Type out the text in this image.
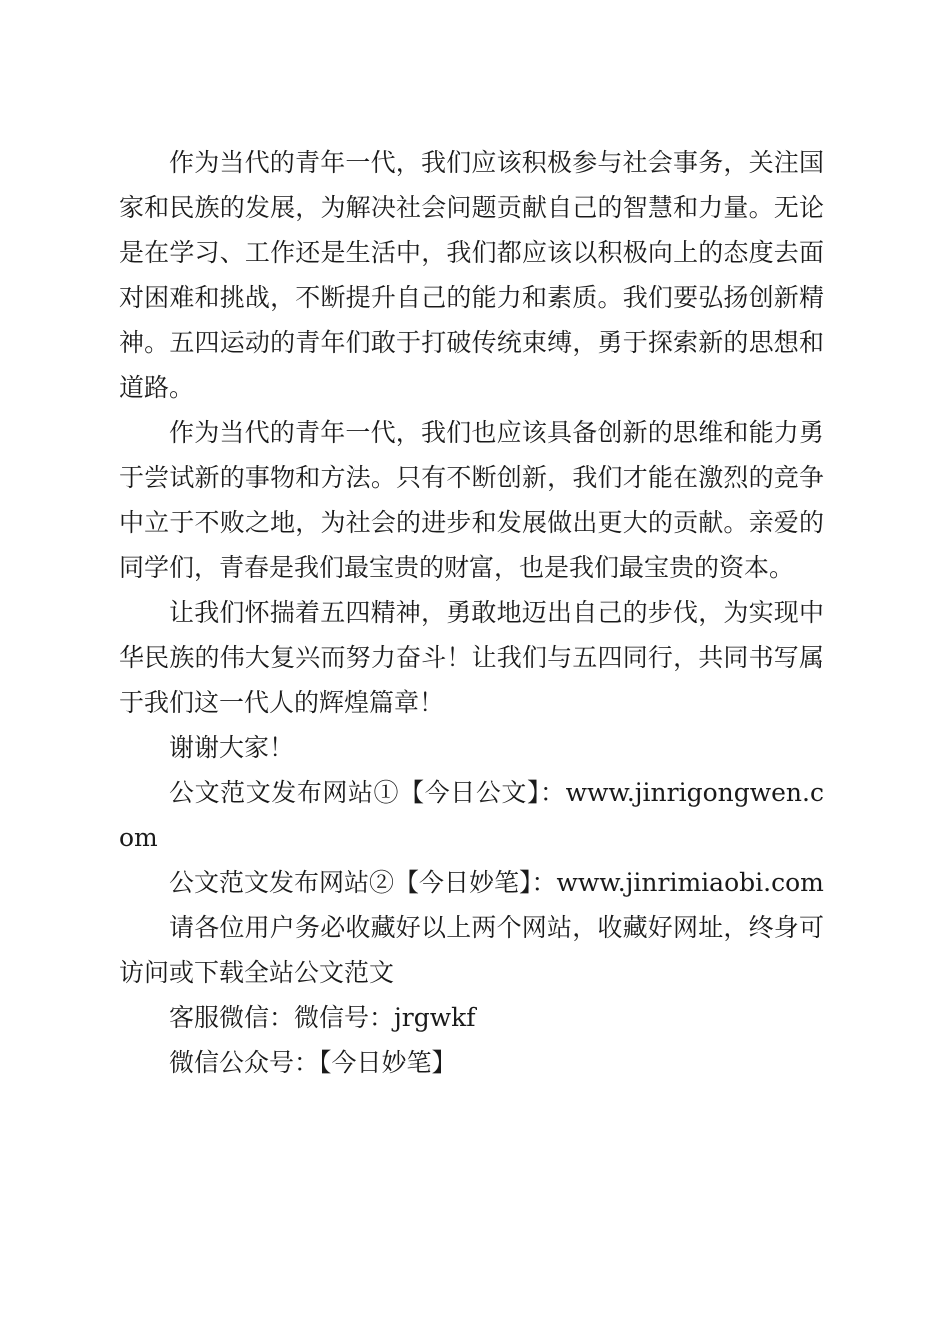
作为当代的青年一代，我们应该积极参与社会事务，关注国家和民族的发展，为解决社会问题贡献自己的智慧和力量。无论是在学习、工作还是生活中，我们都应该以积极向上的态度去面对困难和挑战，不断提升自己的能力和素质。我们要弘扬创新精神。五四运动的青年们敢于打破传统束缚，勇于探索新的思想和道路。

作为当代的青年一代，我们也应该具备创新的思维和能力勇于尝试新的事物和方法。只有不断创新，我们才能在激烈的竞争中立于不败之地，为社会的进步和发展做出更大的贡献。亲爱的同学们，青春是我们最宝贵的财富，也是我们最宝贵的资本。

让我们怀揣着五四精神，勇敢地迈出自己的步伐，为实现中华民族的伟大复兴而努力奋斗！让我们与五四同行，共同书写属于我们这一代人的辉煌篇章！

谢谢大家！

公文范文发布网站①【今日公文】：www.jinrigongwen.com

公文范文发布网站②【今日妙笔】：www.jinrimiaobi.com

请各位用户务必收藏好以上两个网站，收藏好网址，终身可访问或下载全站公文范文

客服微信：微信号：jrgwkf

微信公众号：【今日妙笔】
